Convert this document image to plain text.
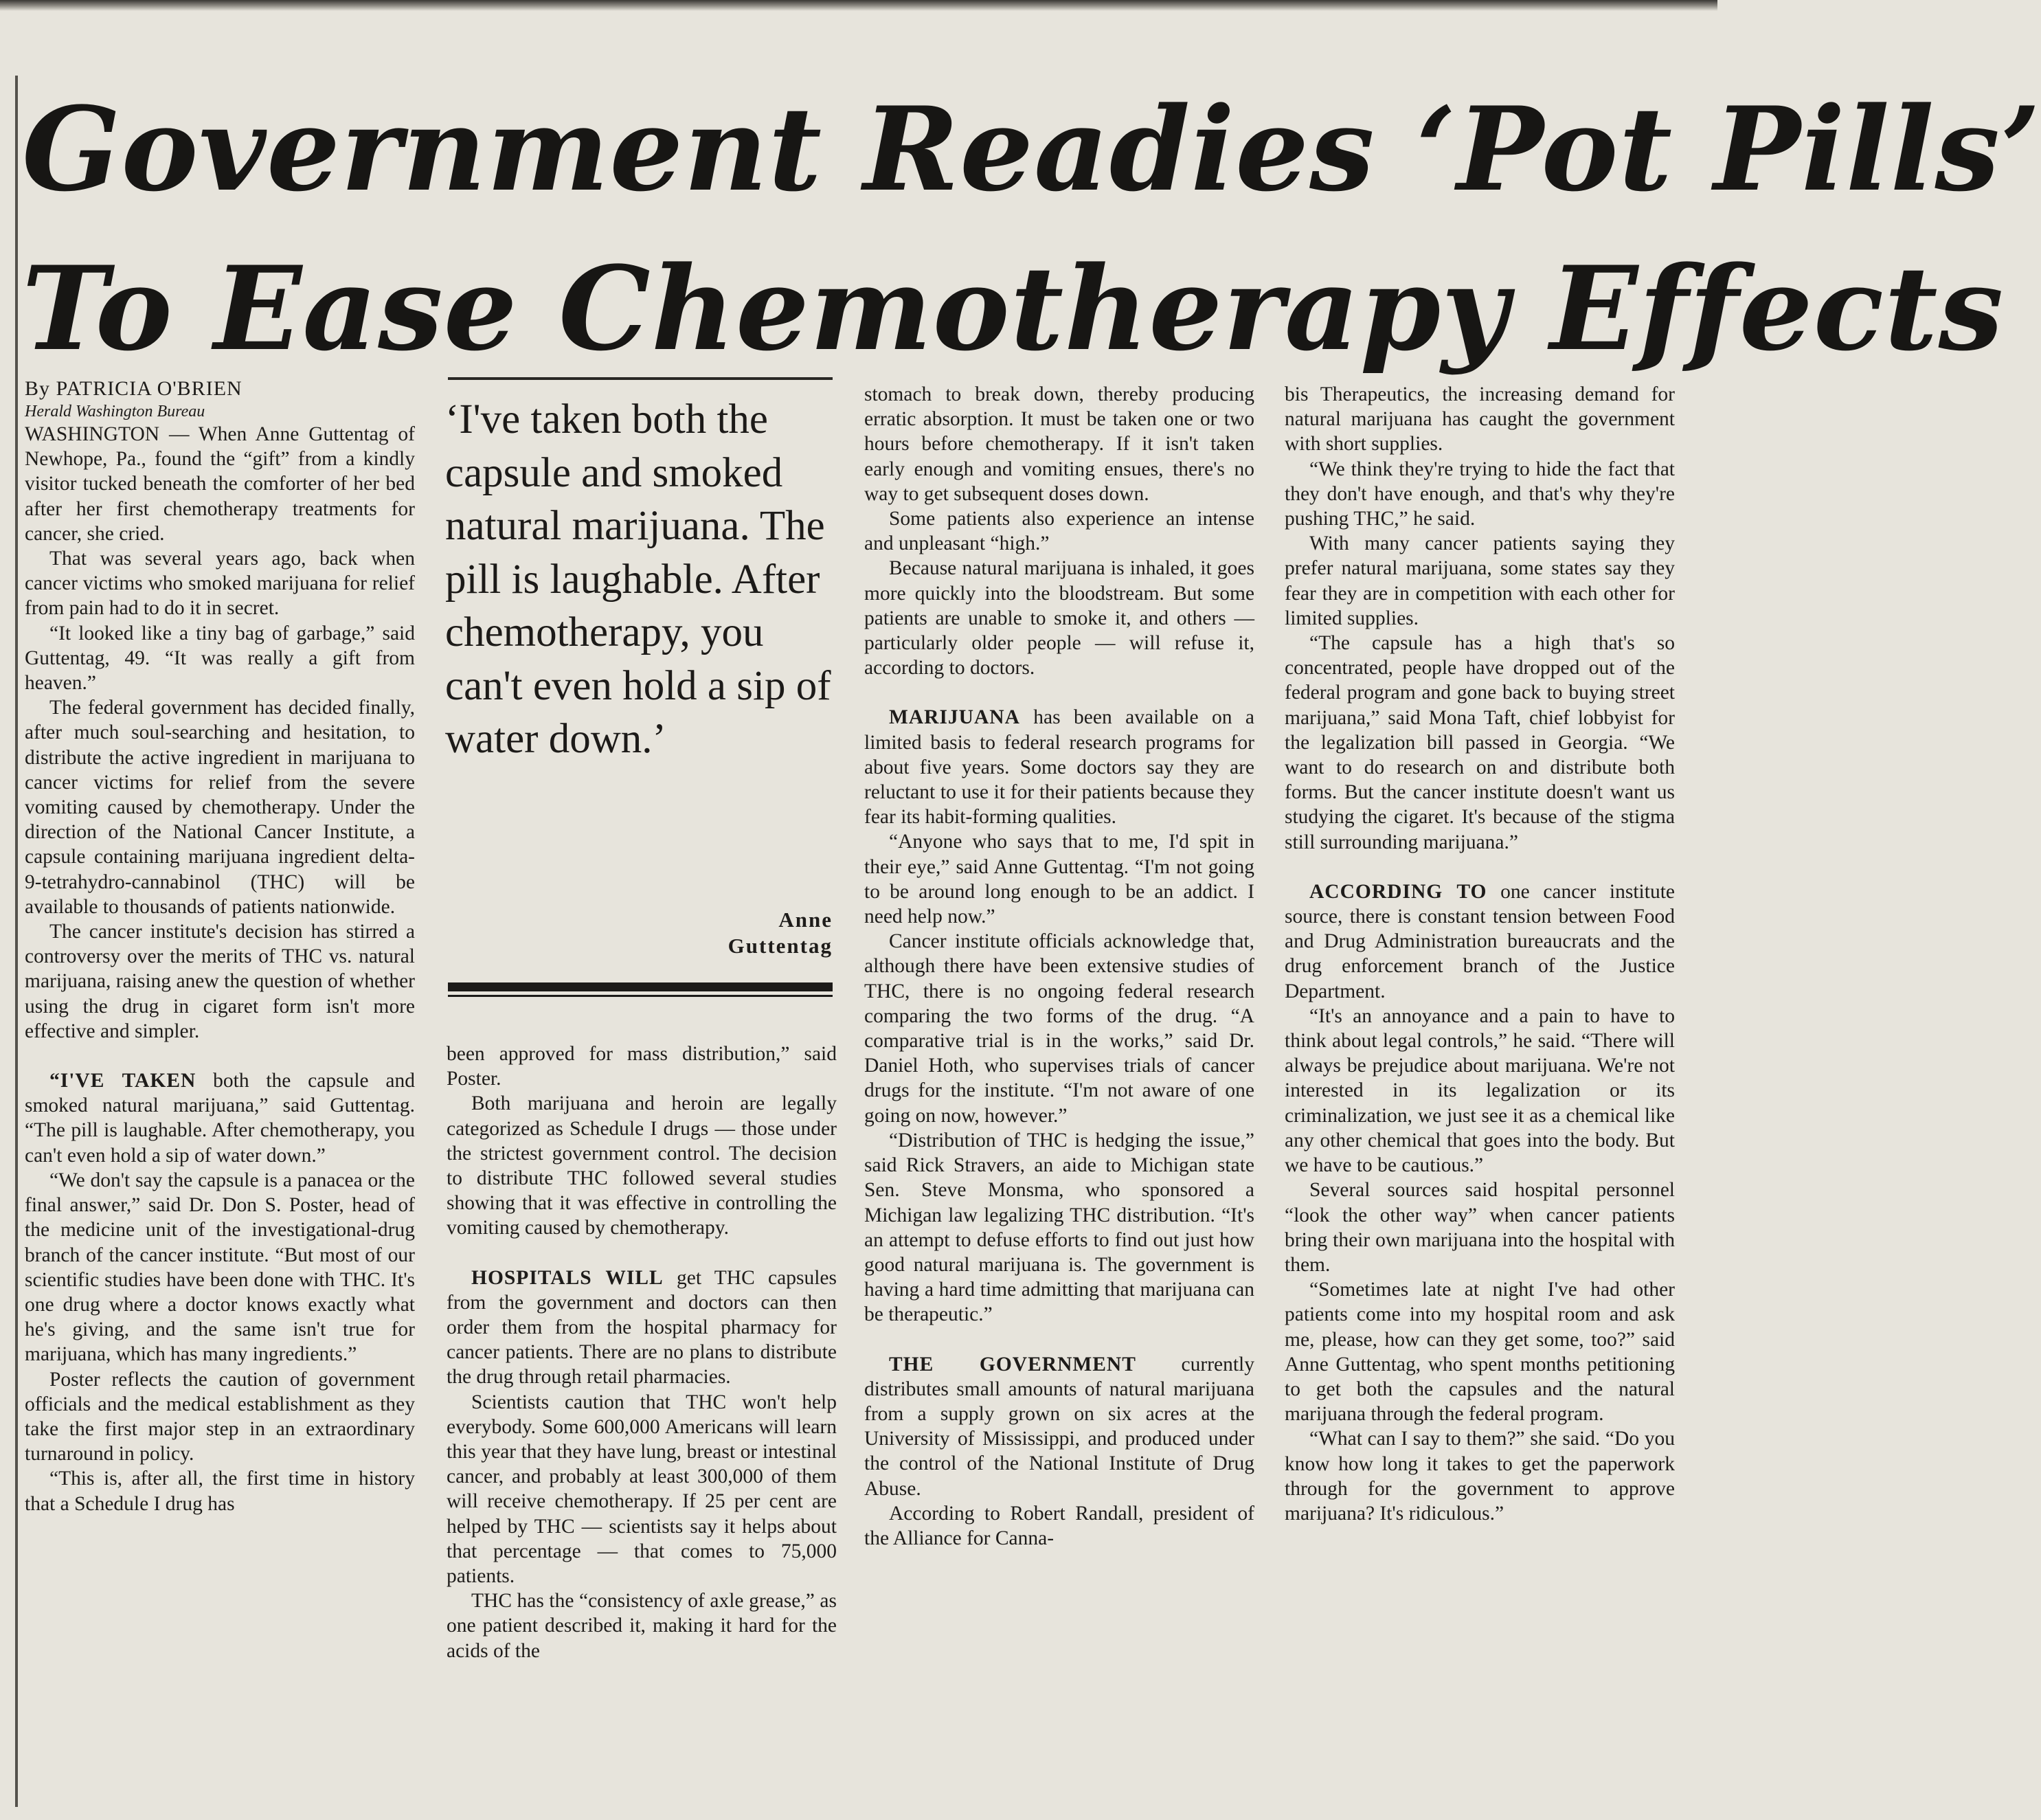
Government Readies ‘Pot Pills’
To Ease Chemotherapy Effects
By PATRICIA O'BRIEN
Herald Washington Bureau

WASHINGTON — When Anne Guttentag of Newhope, Pa., found the “gift” from a kindly visitor tucked beneath the comforter of her bed after her first chemotherapy treatments for cancer, she cried.

That was several years ago, back when cancer victims who smoked marijuana for relief from pain had to do it in secret.

“It looked like a tiny bag of garbage,” said Guttentag, 49. “It was really a gift from heaven.”

The federal government has decided finally, after much soul-searching and hesitation, to distribute the active ingredient in marijuana to cancer victims for relief from the severe vomiting caused by chemotherapy. Under the direction of the National Cancer Institute, a capsule containing marijuana ingredient delta-9-tetrahydro-cannabinol (THC) will be available to thousands of patients nationwide.

The cancer institute's decision has stirred a controversy over the merits of THC vs. natural marijuana, raising anew the question of whether using the drug in cigaret form isn't more effective and simpler.

“I'VE TAKEN both the capsule and smoked natural marijuana,” said Guttentag. “The pill is laughable. After chemotherapy, you can't even hold a sip of water down.”

“We don't say the capsule is a panacea or the final answer,” said Dr. Don S. Poster, head of the medicine unit of the investigational-drug branch of the cancer institute. “But most of our scientific studies have been done with THC. It's one drug where a doctor knows exactly what he's giving, and the same isn't true for marijuana, which has many ingredients.”

Poster reflects the caution of government officials and the medical establishment as they take the first major step in an extraordinary turnaround in policy.

“This is, after all, the first time in history that a Schedule I drug has

‘I've taken both the capsule and smoked natural marijuana. The pill is laughable. After chemotherapy, you can't even hold a sip of water down.’

Anne
Guttentag

been approved for mass distribution,” said Poster.

Both marijuana and heroin are legally categorized as Schedule I drugs — those under the strictest government control. The decision to distribute THC followed several studies showing that it was effective in controlling the vomiting caused by chemotherapy.

HOSPITALS WILL get THC capsules from the government and doctors can then order them from the hospital pharmacy for cancer patients. There are no plans to distribute the drug through retail pharmacies.

Scientists caution that THC won't help everybody. Some 600,000 Americans will learn this year that they have lung, breast or intestinal cancer, and probably at least 300,000 of them will receive chemotherapy. If 25 per cent are helped by THC — scientists say it helps about that percentage — that comes to 75,000 patients.

THC has the “consistency of axle grease,” as one patient described it, making it hard for the acids of the

stomach to break down, thereby producing erratic absorption. It must be taken one or two hours before chemotherapy. If it isn't taken early enough and vomiting ensues, there's no way to get subsequent doses down.

Some patients also experience an intense and unpleasant “high.”

Because natural marijuana is inhaled, it goes more quickly into the bloodstream. But some patients are unable to smoke it, and others — particularly older people — will refuse it, according to doctors.

MARIJUANA has been available on a limited basis to federal research programs for about five years. Some doctors say they are reluctant to use it for their patients because they fear its habit-forming qualities.

“Anyone who says that to me, I'd spit in their eye,” said Anne Guttentag. “I'm not going to be around long enough to be an addict. I need help now.”

Cancer institute officials acknowledge that, although there have been extensive studies of THC, there is no ongoing federal research comparing the two forms of the drug. “A comparative trial is in the works,” said Dr. Daniel Hoth, who supervises trials of cancer drugs for the institute. “I'm not aware of one going on now, however.”

“Distribution of THC is hedging the issue,” said Rick Stravers, an aide to Michigan state Sen. Steve Monsma, who sponsored a Michigan law legalizing THC distribution. “It's an attempt to defuse efforts to find out just how good natural marijuana is. The government is having a hard time admitting that marijuana can be therapeutic.”

THE GOVERNMENT currently distributes small amounts of natural marijuana from a supply grown on six acres at the University of Mississippi, and produced under the control of the National Institute of Drug Abuse.

According to Robert Randall, president of the Alliance for Canna-

bis Therapeutics, the increasing demand for natural marijuana has caught the government with short supplies.

“We think they're trying to hide the fact that they don't have enough, and that's why they're pushing THC,” he said.

With many cancer patients saying they prefer natural marijuana, some states say they fear they are in competition with each other for limited supplies.

“The capsule has a high that's so concentrated, people have dropped out of the federal program and gone back to buying street marijuana,” said Mona Taft, chief lobbyist for the legalization bill passed in Georgia. “We want to do research on and distribute both forms. But the cancer institute doesn't want us studying the cigaret. It's because of the stigma still surrounding marijuana.”

ACCORDING TO one cancer institute source, there is constant tension between Food and Drug Administration bureaucrats and the drug enforcement branch of the Justice Department.

“It's an annoyance and a pain to have to think about legal controls,” he said. “There will always be prejudice about marijuana. We're not interested in its legalization or its criminalization, we just see it as a chemical like any other chemical that goes into the body. But we have to be cautious.”

Several sources said hospital personnel “look the other way” when cancer patients bring their own marijuana into the hospital with them.

“Sometimes late at night I've had other patients come into my hospital room and ask me, please, how can they get some, too?” said Anne Guttentag, who spent months petitioning to get both the capsules and the natural marijuana through the federal program.

“What can I say to them?” she said. “Do you know how long it takes to get the paperwork through for the government to approve marijuana? It's ridiculous.”
